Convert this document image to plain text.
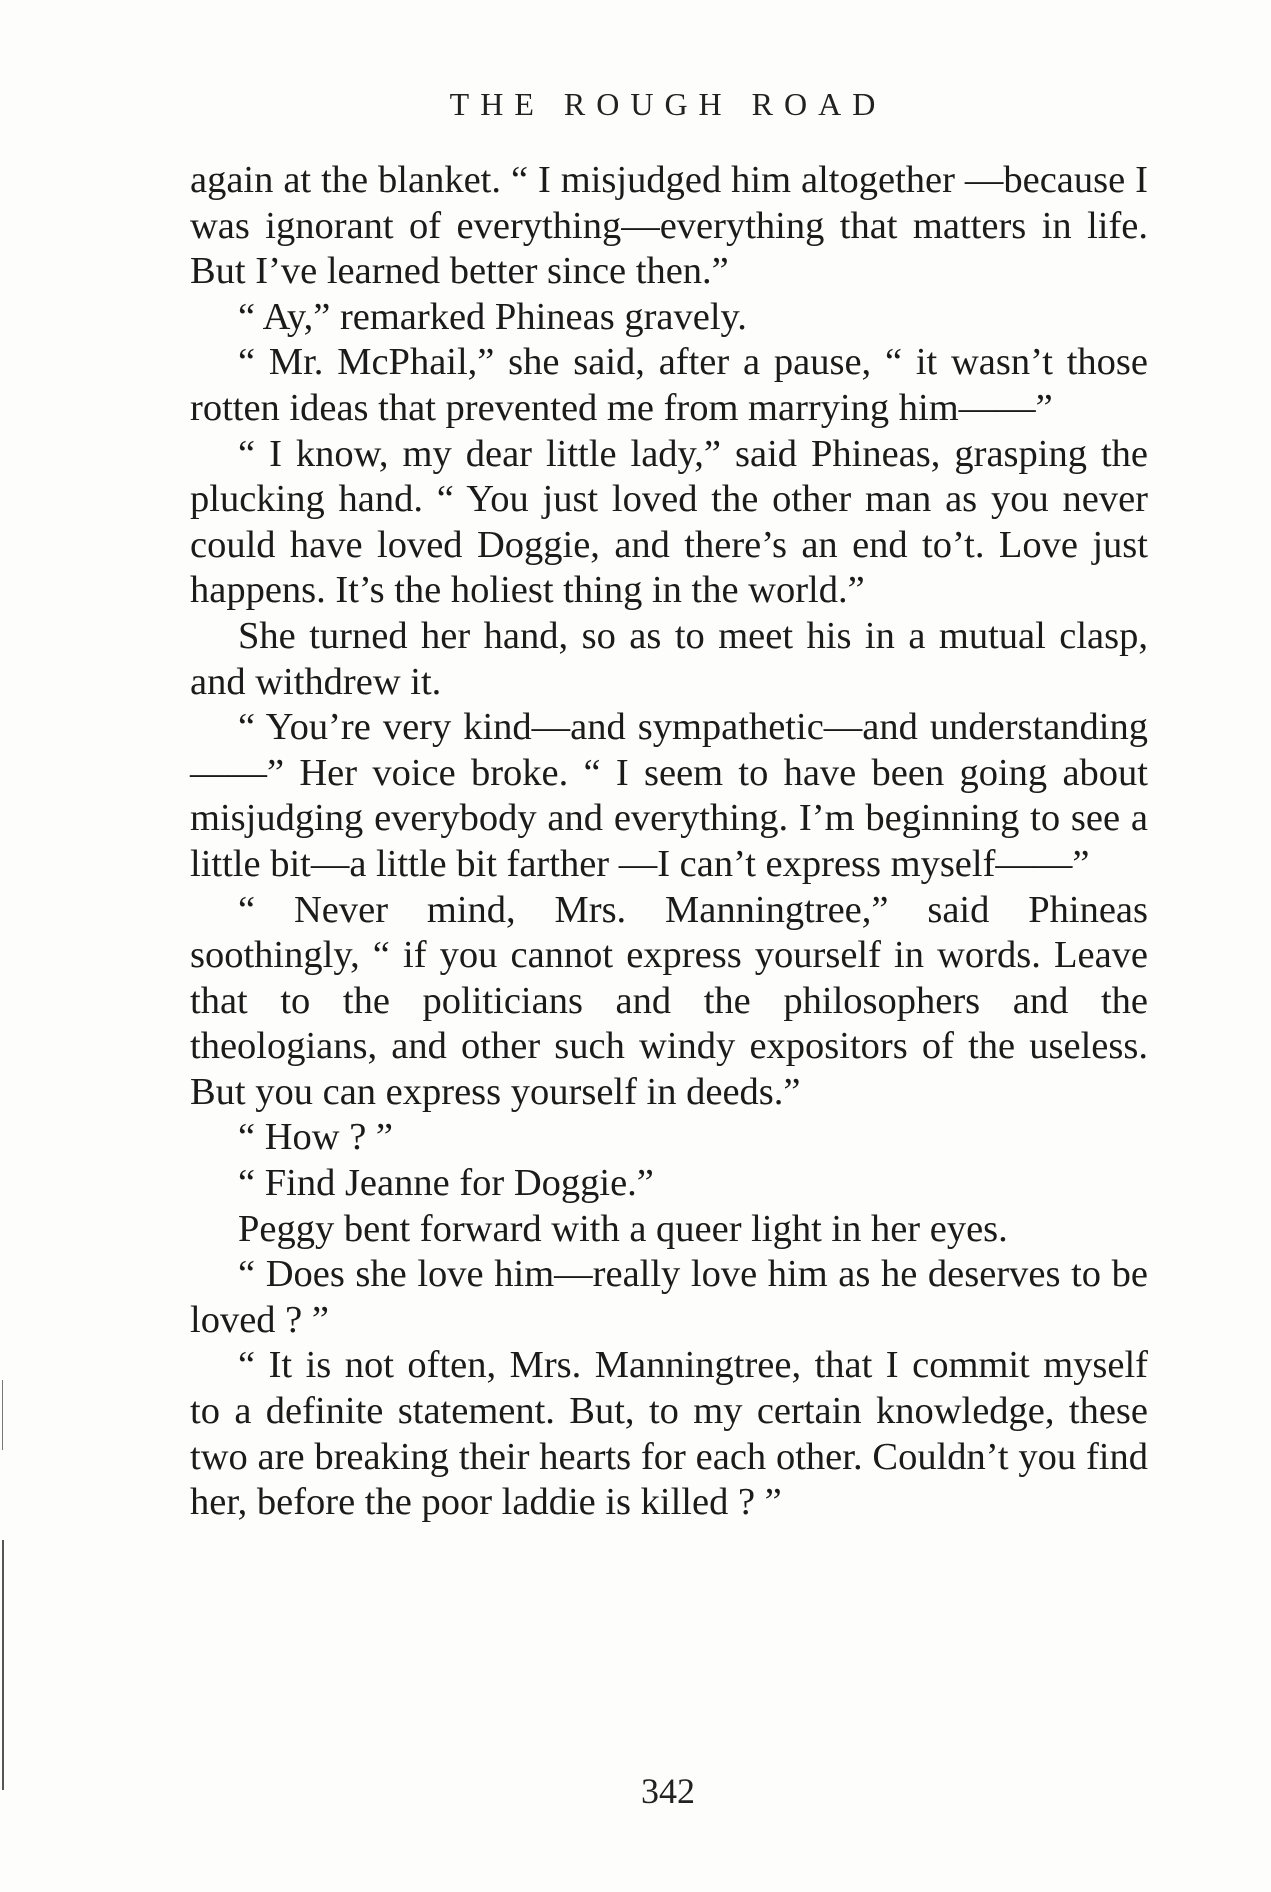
THE ROUGH ROAD

again at the blanket. “ I misjudged him altogether —because I was ignorant of everything—everything that matters in life. But I’ve learned better since then.”

“ Ay,” remarked Phineas gravely.

“ Mr. McPhail,” she said, after a pause, “ it wasn’t those rotten ideas that prevented me from marrying him——”

“ I know, my dear little lady,” said Phineas, grasping the plucking hand. “ You just loved the other man as you never could have loved Doggie, and there’s an end to’t. Love just happens. It’s the holiest thing in the world.”

She turned her hand, so as to meet his in a mutual clasp, and withdrew it.

“ You’re very kind—and sympathetic—and understanding——” Her voice broke. “ I seem to have been going about misjudging everybody and everything. I’m beginning to see a little bit—a little bit farther —I can’t express myself——”

“ Never mind, Mrs. Manningtree,” said Phineas soothingly, “ if you cannot express yourself in words. Leave that to the politicians and the philosophers and the theologians, and other such windy expositors of the useless. But you can express yourself in deeds.”

“ How ? ”

“ Find Jeanne for Doggie.”

Peggy bent forward with a queer light in her eyes.

“ Does she love him—really love him as he deserves to be loved ? ”

“ It is not often, Mrs. Manningtree, that I commit myself to a definite statement. But, to my certain knowledge, these two are breaking their hearts for each other. Couldn’t you find her, before the poor laddie is killed ? ”

342
